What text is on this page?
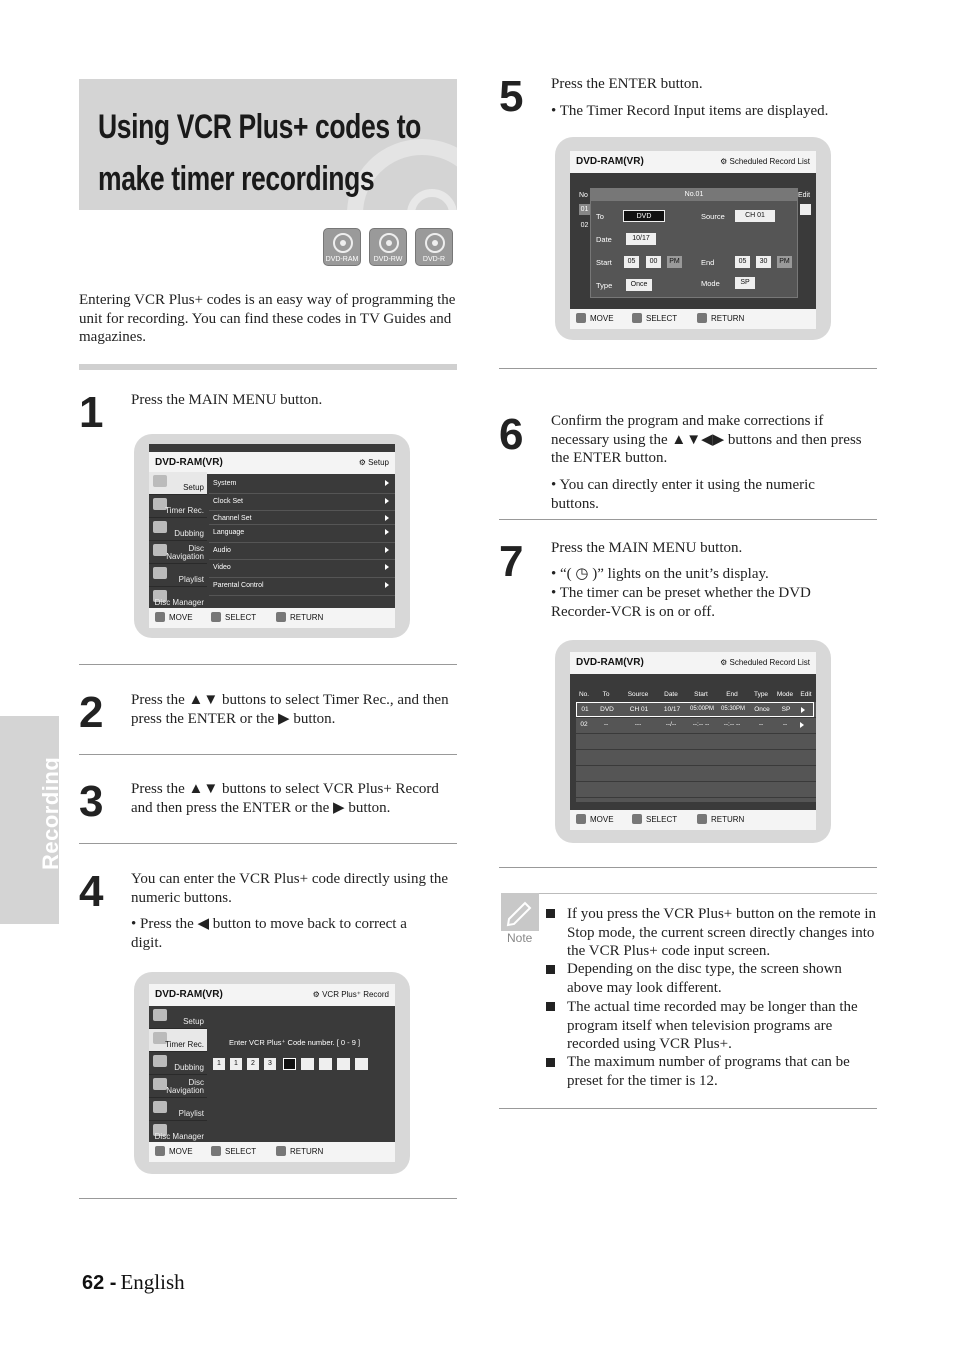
Using VCR Plus+ codes to
make timer recordings
DVD-RAM	DVD-RW	DVD-R
Entering VCR Plus+ codes is an easy way of programming the unit for recording. You can find these codes in TV Guides and magazines.
Recording
1 Press the MAIN MENU button.
DVD-RAM(VR)	⚙ Setup
Setup
Timer Rec.
Dubbing
Disc Navigation
Playlist
Disc Manager
System
Clock Set
Channel Set
Language
Audio
Video
Parental Control
MOVE	SELECT	RETURN
2 Press the ▲▼ buttons to select Timer Rec., and then press the ENTER or the ▶ button.
3 Press the ▲▼ buttons to select VCR Plus+ Record and then press the ENTER or the ▶ button.
4 You can enter the VCR Plus+ code directly using the numeric buttons.
• Press the ◀ button to move back to correct a digit.
DVD-RAM(VR)	⚙ VCR Plus⁺ Record
Setup
Timer Rec.
Dubbing
Disc Navigation
Playlist
Disc Manager
Enter VCR Plus⁺ Code number. [ 0 - 9 ]
1	1	2	3
MOVE	SELECT	RETURN
5 Press the ENTER button.
• The Timer Record Input items are displayed.
DVD-RAM(VR)	⚙ Scheduled Record List
No	Edit
01
02
No.01
To	DVD	Source	CH 01
Date	10/17
Start	05	00	PM	End	05	30	PM
Type	Once	Mode	SP
MOVE	SELECT	RETURN
6 Confirm the program and make corrections if necessary using the ▲▼◀▶ buttons and then press the ENTER button.
• You can directly enter it using the numeric buttons.
7 Press the MAIN MENU button.
• “( ◷ )” lights on the unit’s display.
• The timer can be preset whether the DVD Recorder-VCR is on or off.
DVD-RAM(VR)	⚙ Scheduled Record List
No.	To	Source	Date	Start	End	Type	Mode	Edit
01	DVD	CH 01	10/17	05:00PM	05:30PM	Once	SP
02	--	---	--/--	--:-- --	--:-- --	--	--
MOVE	SELECT	RETURN
Note
If you press the VCR Plus+ button on the remote in Stop mode, the current screen directly changes into the VCR Plus+ code input screen.
Depending on the disc type, the screen shown above may look different.
The actual time recorded may be longer than the program itself when television programs are recorded using VCR Plus+.
The maximum number of programs that can be preset for the timer is 12.
62 - English
